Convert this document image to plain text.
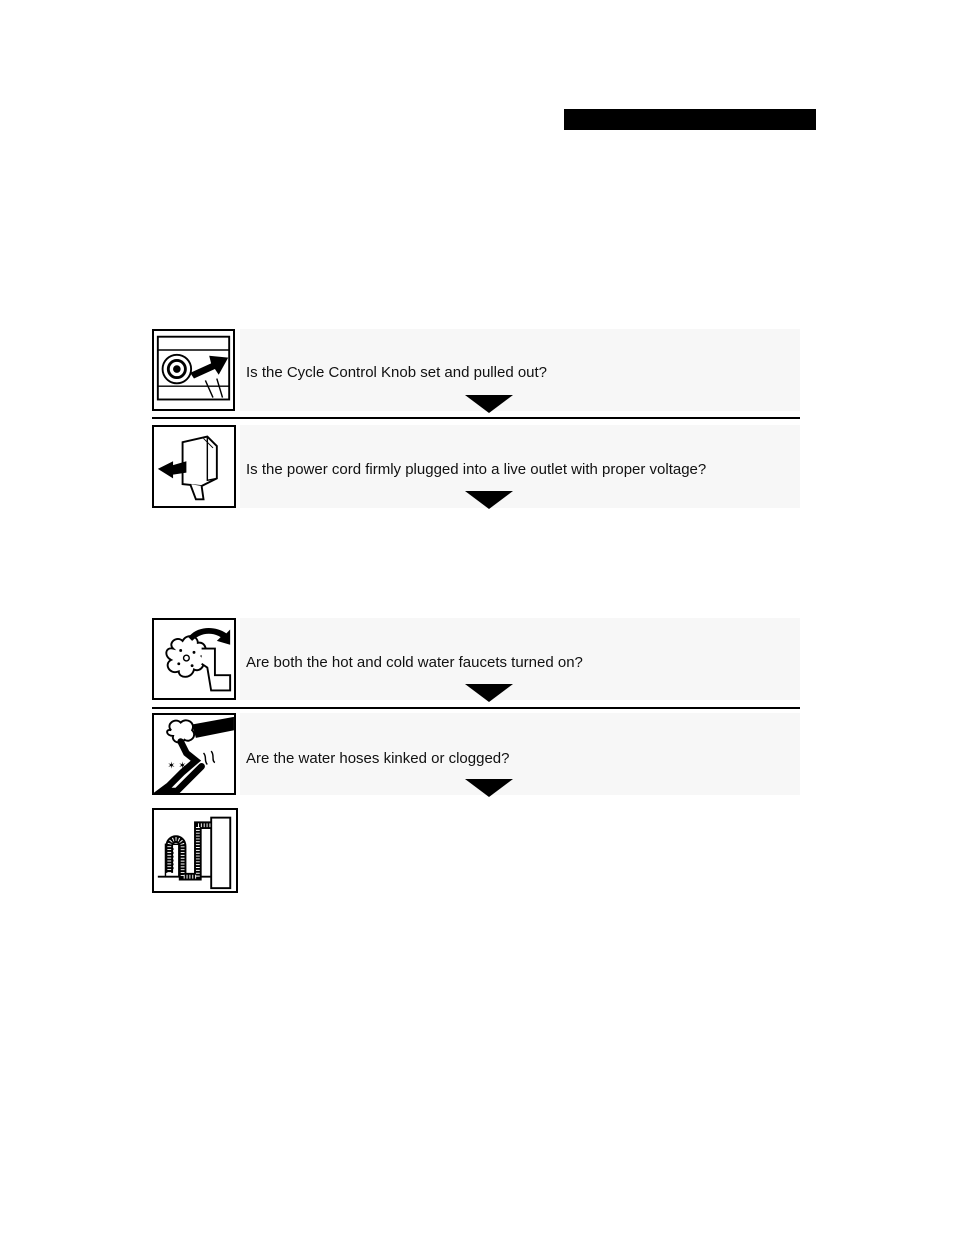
Is the Cycle Control Knob set and pulled out?
Is the power cord firmly plugged into a live outlet with proper voltage?
Are both the hot and cold water faucets turned on?
✶ ✶	Are the water hoses kinked or clogged?
